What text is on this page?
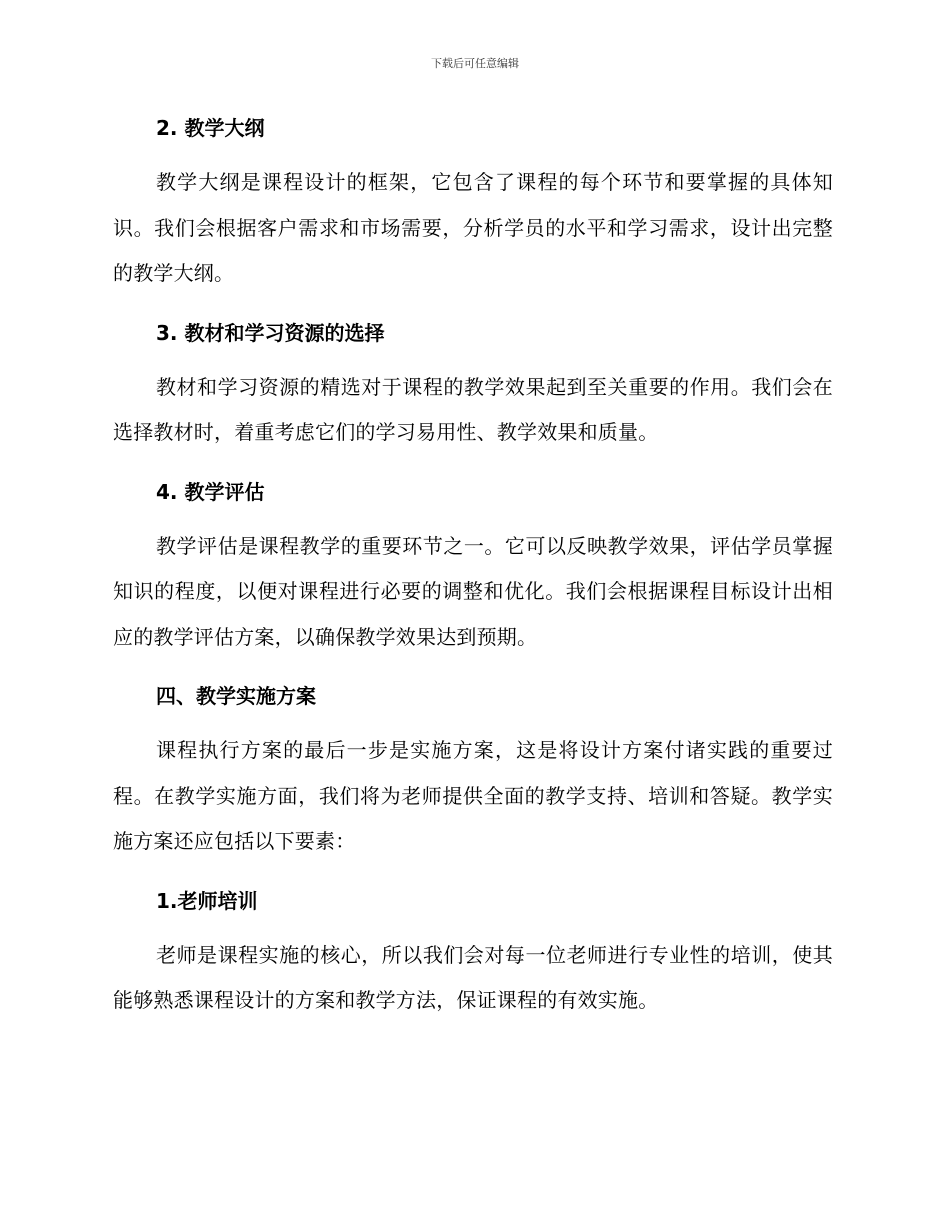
下载后可任意编辑
2. 教学大纲

教学大纲是课程设计的框架，它包含了课程的每个环节和要掌握的具体知识。我们会根据客户需求和市场需要，分析学员的水平和学习需求，设计出完整的教学大纲。

3. 教材和学习资源的选择

教材和学习资源的精选对于课程的教学效果起到至关重要的作用。我们会在选择教材时，着重考虑它们的学习易用性、教学效果和质量。

4. 教学评估

教学评估是课程教学的重要环节之一。它可以反映教学效果，评估学员掌握知识的程度，以便对课程进行必要的调整和优化。我们会根据课程目标设计出相应的教学评估方案，以确保教学效果达到预期。

四、教学实施方案

课程执行方案的最后一步是实施方案，这是将设计方案付诸实践的重要过程。在教学实施方面，我们将为老师提供全面的教学支持、培训和答疑。教学实施方案还应包括以下要素：

1.老师培训

老师是课程实施的核心，所以我们会对每一位老师进行专业性的培训，使其能够熟悉课程设计的方案和教学方法，保证课程的有效实施。
